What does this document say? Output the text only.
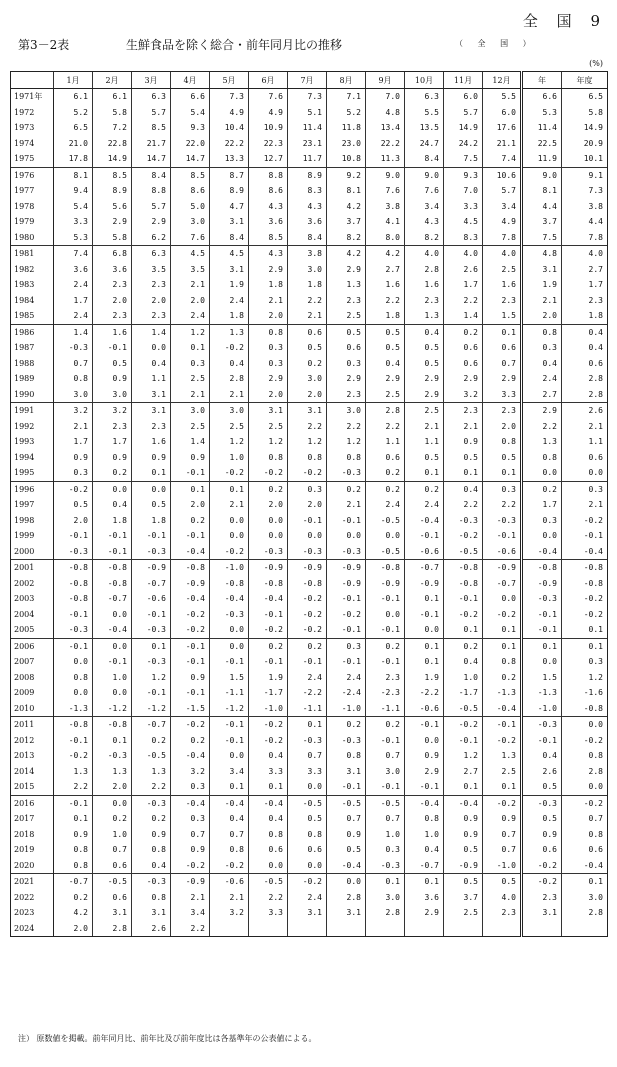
全 国 9
第3－2表	生鮮食品を除く総合・前年同月比の推移	（ 全 国 ）
(%)
	1月	2月	3月	4月	5月	6月	7月	8月	9月	10月	11月	12月	年	年度
1971年	6.1	6.1	6.3	6.6	7.3	7.6	7.3	7.1	7.0	6.3	6.0	5.5	6.6	6.5
1972	5.2	5.8	5.7	5.4	4.9	4.9	5.1	5.2	4.8	5.5	5.7	6.0	5.3	5.8
1973	6.5	7.2	8.5	9.3	10.4	10.9	11.4	11.8	13.4	13.5	14.9	17.6	11.4	14.9
1974	21.0	22.8	21.7	22.0	22.2	22.3	23.1	23.0	22.2	24.7	24.2	21.1	22.5	20.9
1975	17.8	14.9	14.7	14.7	13.3	12.7	11.7	10.8	11.3	8.4	7.5	7.4	11.9	10.1
1976	8.1	8.5	8.4	8.5	8.7	8.8	8.9	9.2	9.0	9.0	9.3	10.6	9.0	9.1
1977	9.4	8.9	8.8	8.6	8.9	8.6	8.3	8.1	7.6	7.6	7.0	5.7	8.1	7.3
1978	5.4	5.6	5.7	5.0	4.7	4.3	4.3	4.2	3.8	3.4	3.3	3.4	4.4	3.8
1979	3.3	2.9	2.9	3.0	3.1	3.6	3.6	3.7	4.1	4.3	4.5	4.9	3.7	4.4
1980	5.3	5.8	6.2	7.6	8.4	8.5	8.4	8.2	8.0	8.2	8.3	7.8	7.5	7.8
1981	7.4	6.8	6.3	4.5	4.5	4.3	3.8	4.2	4.2	4.0	4.0	4.0	4.8	4.0
1982	3.6	3.6	3.5	3.5	3.1	2.9	3.0	2.9	2.7	2.8	2.6	2.5	3.1	2.7
1983	2.4	2.3	2.3	2.1	1.9	1.8	1.8	1.3	1.6	1.6	1.7	1.6	1.9	1.7
1984	1.7	2.0	2.0	2.0	2.4	2.1	2.2	2.3	2.2	2.3	2.2	2.3	2.1	2.3
1985	2.4	2.3	2.3	2.4	1.8	2.0	2.1	2.5	1.8	1.3	1.4	1.5	2.0	1.8
1986	1.4	1.6	1.4	1.2	1.3	0.8	0.6	0.5	0.5	0.4	0.2	0.1	0.8	0.4
1987	-0.3	-0.1	0.0	0.1	-0.2	0.3	0.5	0.6	0.5	0.5	0.6	0.6	0.3	0.4
1988	0.7	0.5	0.4	0.3	0.4	0.3	0.2	0.3	0.4	0.5	0.6	0.7	0.4	0.6
1989	0.8	0.9	1.1	2.5	2.8	2.9	3.0	2.9	2.9	2.9	2.9	2.9	2.4	2.8
1990	3.0	3.0	3.1	2.1	2.1	2.0	2.0	2.3	2.5	2.9	3.2	3.3	2.7	2.8
1991	3.2	3.2	3.1	3.0	3.0	3.1	3.1	3.0	2.8	2.5	2.3	2.3	2.9	2.6
1992	2.1	2.3	2.3	2.5	2.5	2.5	2.2	2.2	2.2	2.1	2.1	2.0	2.2	2.1
1993	1.7	1.7	1.6	1.4	1.2	1.2	1.2	1.2	1.1	1.1	0.9	0.8	1.3	1.1
1994	0.9	0.9	0.9	0.9	1.0	0.8	0.8	0.8	0.6	0.5	0.5	0.5	0.8	0.6
1995	0.3	0.2	0.1	-0.1	-0.2	-0.2	-0.2	-0.3	0.2	0.1	0.1	0.1	0.0	0.0
1996	-0.2	0.0	0.0	0.1	0.1	0.2	0.3	0.2	0.2	0.2	0.4	0.3	0.2	0.3
1997	0.5	0.4	0.5	2.0	2.1	2.0	2.0	2.1	2.4	2.4	2.2	2.2	1.7	2.1
1998	2.0	1.8	1.8	0.2	0.0	0.0	-0.1	-0.1	-0.5	-0.4	-0.3	-0.3	0.3	-0.2
1999	-0.1	-0.1	-0.1	-0.1	0.0	0.0	0.0	0.0	0.0	-0.1	-0.2	-0.1	0.0	-0.1
2000	-0.3	-0.1	-0.3	-0.4	-0.2	-0.3	-0.3	-0.3	-0.5	-0.6	-0.5	-0.6	-0.4	-0.4
2001	-0.8	-0.8	-0.9	-0.8	-1.0	-0.9	-0.9	-0.9	-0.8	-0.7	-0.8	-0.9	-0.8	-0.8
2002	-0.8	-0.8	-0.7	-0.9	-0.8	-0.8	-0.8	-0.9	-0.9	-0.9	-0.8	-0.7	-0.9	-0.8
2003	-0.8	-0.7	-0.6	-0.4	-0.4	-0.4	-0.2	-0.1	-0.1	0.1	-0.1	0.0	-0.3	-0.2
2004	-0.1	0.0	-0.1	-0.2	-0.3	-0.1	-0.2	-0.2	0.0	-0.1	-0.2	-0.2	-0.1	-0.2
2005	-0.3	-0.4	-0.3	-0.2	0.0	-0.2	-0.2	-0.1	-0.1	0.0	0.1	0.1	-0.1	0.1
2006	-0.1	0.0	0.1	-0.1	0.0	0.2	0.2	0.3	0.2	0.1	0.2	0.1	0.1	0.1
2007	0.0	-0.1	-0.3	-0.1	-0.1	-0.1	-0.1	-0.1	-0.1	0.1	0.4	0.8	0.0	0.3
2008	0.8	1.0	1.2	0.9	1.5	1.9	2.4	2.4	2.3	1.9	1.0	0.2	1.5	1.2
2009	0.0	0.0	-0.1	-0.1	-1.1	-1.7	-2.2	-2.4	-2.3	-2.2	-1.7	-1.3	-1.3	-1.6
2010	-1.3	-1.2	-1.2	-1.5	-1.2	-1.0	-1.1	-1.0	-1.1	-0.6	-0.5	-0.4	-1.0	-0.8
2011	-0.8	-0.8	-0.7	-0.2	-0.1	-0.2	0.1	0.2	0.2	-0.1	-0.2	-0.1	-0.3	0.0
2012	-0.1	0.1	0.2	0.2	-0.1	-0.2	-0.3	-0.3	-0.1	0.0	-0.1	-0.2	-0.1	-0.2
2013	-0.2	-0.3	-0.5	-0.4	0.0	0.4	0.7	0.8	0.7	0.9	1.2	1.3	0.4	0.8
2014	1.3	1.3	1.3	3.2	3.4	3.3	3.3	3.1	3.0	2.9	2.7	2.5	2.6	2.8
2015	2.2	2.0	2.2	0.3	0.1	0.1	0.0	-0.1	-0.1	-0.1	0.1	0.1	0.5	0.0
2016	-0.1	0.0	-0.3	-0.4	-0.4	-0.4	-0.5	-0.5	-0.5	-0.4	-0.4	-0.2	-0.3	-0.2
2017	0.1	0.2	0.2	0.3	0.4	0.4	0.5	0.7	0.7	0.8	0.9	0.9	0.5	0.7
2018	0.9	1.0	0.9	0.7	0.7	0.8	0.8	0.9	1.0	1.0	0.9	0.7	0.9	0.8
2019	0.8	0.7	0.8	0.9	0.8	0.6	0.6	0.5	0.3	0.4	0.5	0.7	0.6	0.6
2020	0.8	0.6	0.4	-0.2	-0.2	0.0	0.0	-0.4	-0.3	-0.7	-0.9	-1.0	-0.2	-0.4
2021	-0.7	-0.5	-0.3	-0.9	-0.6	-0.5	-0.2	0.0	0.1	0.1	0.5	0.5	-0.2	0.1
2022	0.2	0.6	0.8	2.1	2.1	2.2	2.4	2.8	3.0	3.6	3.7	4.0	2.3	3.0
2023	4.2	3.1	3.1	3.4	3.2	3.3	3.1	3.1	2.8	2.9	2.5	2.3	3.1	2.8
2024	2.0	2.8	2.6	2.2										
注） 原数値を掲載。前年同月比、前年比及び前年度比は各基準年の公表値による。
